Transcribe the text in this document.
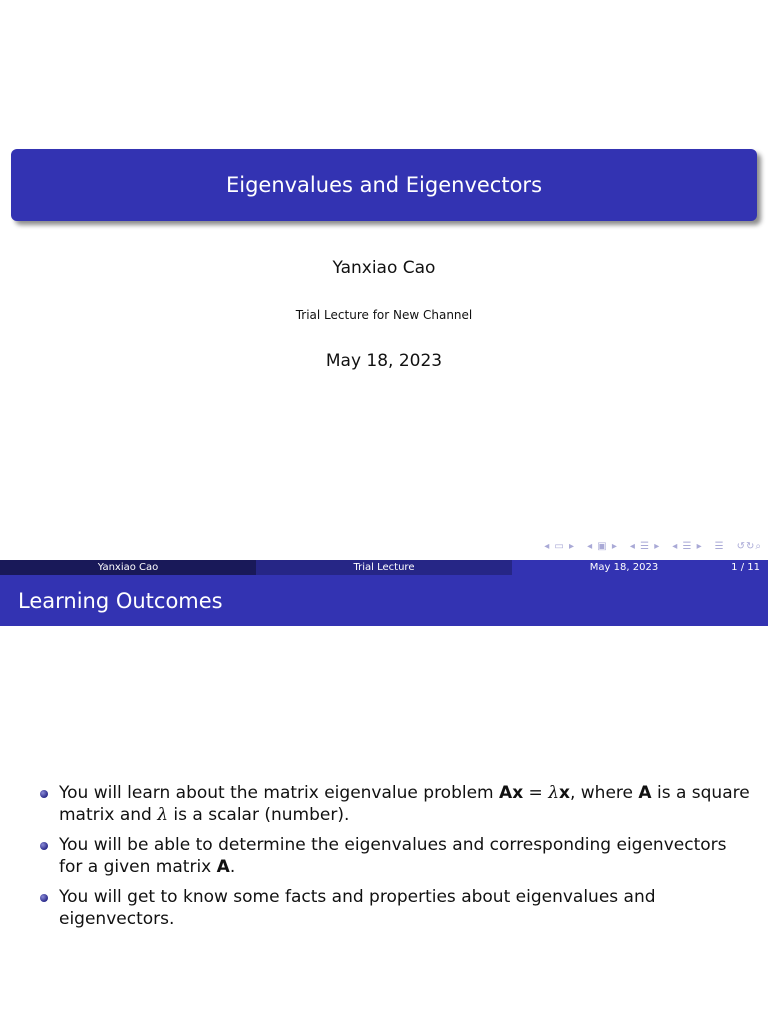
Eigenvalues and Eigenvectors
Yanxiao Cao
Trial Lecture for New Channel
May 18, 2023
◂ ▭ ▸ ◂ ▣ ▸ ◂ ☰ ▸ ◂ ☰ ▸ ☰ ↺↻⌕
Yanxiao Cao	Trial Lecture	May 18, 2023	1 / 11
Learning Outcomes
You will learn about the matrix eigenvalue problem Ax = λx, where A is a square matrix and λ is a scalar (number).
You will be able to determine the eigenvalues and corresponding eigenvectors for a given matrix A.
You will get to know some facts and properties about eigenvalues and eigenvectors.
